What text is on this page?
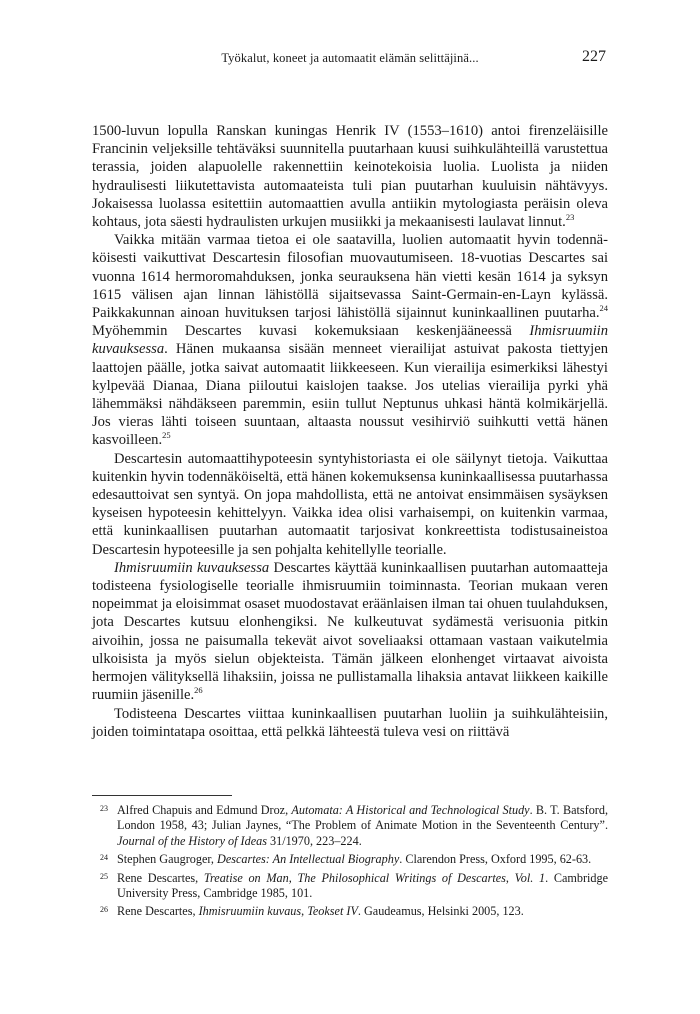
Työkalut, koneet ja automaatit elämän selittäjinä...	227

1500-luvun lopulla Ranskan kuningas Henrik IV (1553–1610) antoi firenzeläisille Francinin veljeksille tehtäväksi suunnitella puutarhaan kuusi suihkulähteillä varustettua terassia, joiden alapuolelle rakennettiin keinotekoisia luolia. Luolista ja niiden hydraulisesti liikutettavista automaateista tuli pian puutarhan kuuluisin nähtävyys. Jokaisessa luolassa esitettiin automaattien avulla antiikin mytologiasta peräisin oleva kohtaus, jota säesti hydraulisten urkujen musiikki ja mekaanisesti laulavat linnut.$^{23}$

Vaikka mitään varmaa tietoa ei ole saatavilla, luolien automaatit hyvin todennäköisesti vaikuttivat Descartesin filosofian muovautumiseen. 18-vuotias Descartes sai vuonna 1614 hermoromahduksen, jonka seurauksena hän vietti kesän 1614 ja syksyn 1615 välisen ajan linnan lähistöllä sijaitsevassa Saint-Germain-en-Layn kylässä. Paikkakunnan ainoan huvituksen tarjosi lähistöllä sijainnut kuninkaallinen puutarha.$^{24}$ Myöhemmin Descartes kuvasi kokemuksiaan keskenjääneessä Ihmisruumiin kuvauksessa. Hänen mukaansa sisään menneet vierailijat astuivat pakosta tiettyjen laattojen päälle, jotka saivat automaatit liikkeeseen. Kun vierailija esimerkiksi lähestyi kylpevää Dianaa, Diana piiloutui kaislojen taakse. Jos utelias vierailija pyrki yhä lähemmäksi nähdäkseen paremmin, esiin tullut Neptunus uhkasi häntä kolmikärjellä. Jos vieras lähti toiseen suuntaan, altaasta noussut vesihirviö suihkutti vettä hänen kasvoilleen.$^{25}$

Descartesin automaattihypoteesin syntyhistoriasta ei ole säilynyt tietoja. Vaikuttaa kuitenkin hyvin todennäköiseltä, että hänen kokemuksensa kuninkaallisessa puutarhassa edesauttoivat sen syntyä. On jopa mahdollista, että ne antoivat ensimmäisen sysäyksen kyseisen hypoteesin kehittelyyn. Vaikka idea olisi varhaisempi, on kuitenkin varmaa, että kuninkaallisen puutarhan automaatit tarjosivat konkreettista todistusaineistoa Descartesin hypoteesille ja sen pohjalta kehitellylle teorialle.

Ihmisruumiin kuvauksessa Descartes käyttää kuninkaallisen puutarhan automaatteja todisteena fysiologiselle teorialle ihmisruumiin toiminnasta. Teorian mukaan veren nopeimmat ja eloisimmat osaset muodostavat eräänlaisen ilman tai ohuen tuulahduksen, jota Descartes kutsuu elonhengiksi. Ne kulkeutuvat sydämestä verisuonia pitkin aivoihin, jossa ne paisumalla tekevät aivot soveliaaksi ottamaan vastaan vaikutelmia ulkoisista ja myös sielun objekteista. Tämän jälkeen elonhenget virtaavat aivoista hermojen välityksellä lihaksiin, joissa ne pullistamalla lihaksia antavat liikkeen kaikille ruumiin jäsenille.$^{26}$

Todisteena Descartes viittaa kuninkaallisen puutarhan luoliin ja suihkulähteisiin, joiden toimintatapa osoittaa, että pelkkä lähteestä tuleva vesi on riittävä

23 Alfred Chapuis and Edmund Droz, Automata: A Historical and Technological Study. B. T. Batsford, London 1958, 43; Julian Jaynes, “The Problem of Animate Motion in the Seventeenth Century”. Journal of the History of Ideas 31/1970, 223–224.
24 Stephen Gaugroger, Descartes: An Intellectual Biography. Clarendon Press, Oxford 1995, 62-63.
25 Rene Descartes, Treatise on Man, The Philosophical Writings of Descartes, Vol. 1. Cambridge University Press, Cambridge 1985, 101.
26 Rene Descartes, Ihmisruumiin kuvaus, Teokset IV. Gaudeamus, Helsinki 2005, 123.
